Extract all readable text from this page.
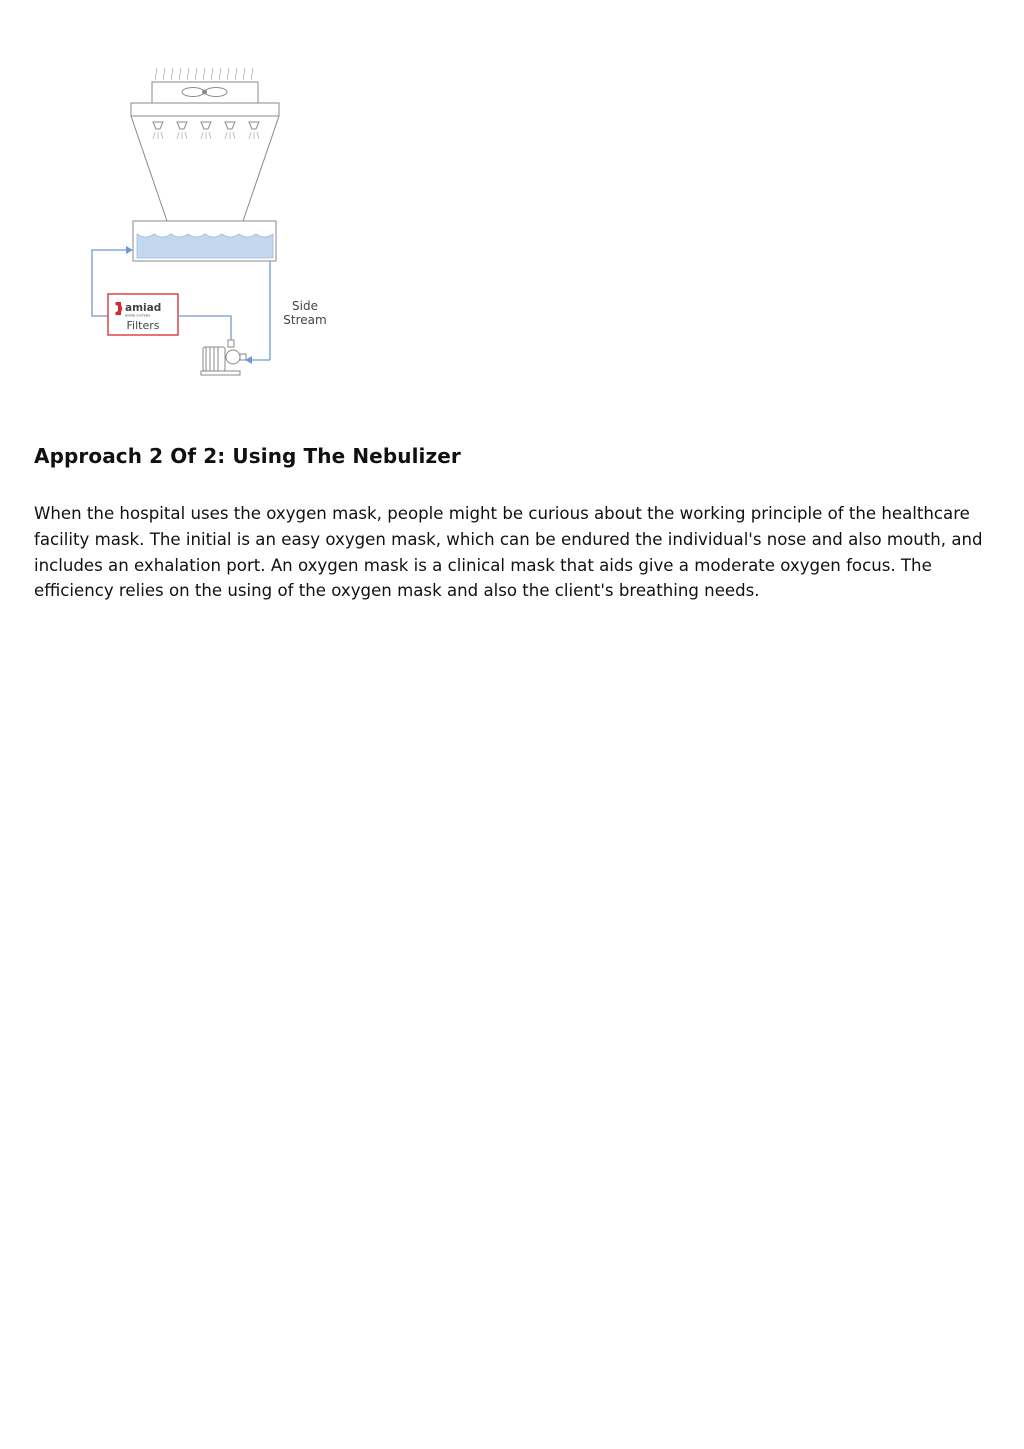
amiad
WATER SYSTEMS
Filters
Side
Stream
Approach 2 Of 2: Using The Nebulizer

When the hospital uses the oxygen mask, people might be curious about the working principle of the healthcare facility mask. The initial is an easy oxygen mask, which can be endured the individual's nose and also mouth, and includes an exhalation port. An oxygen mask is a clinical mask that aids give a moderate oxygen focus. The efficiency relies on the using of the oxygen mask and also the client's breathing needs.
